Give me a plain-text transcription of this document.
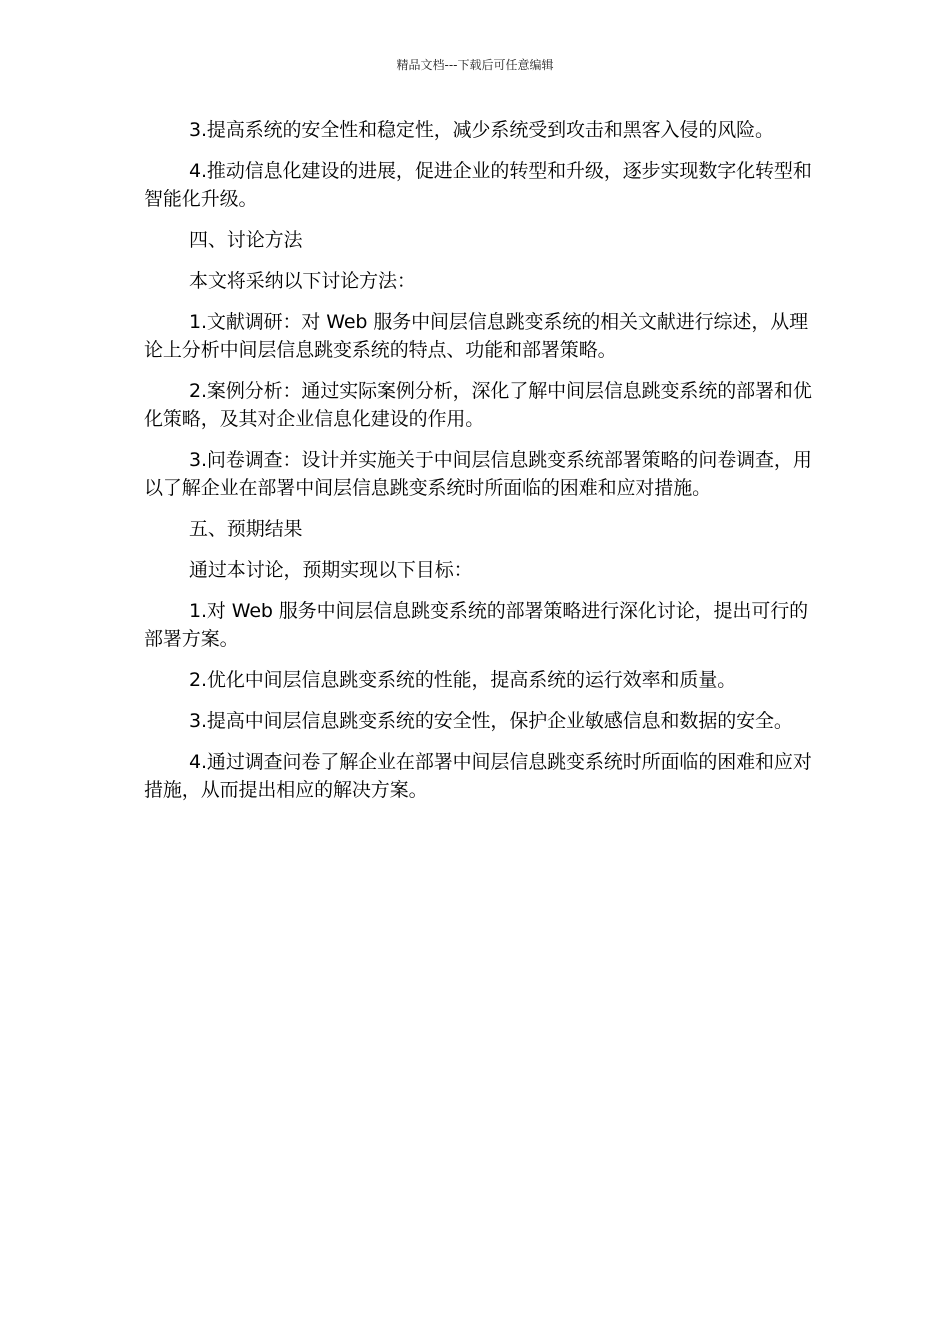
精品文档---下载后可任意编辑

3.提高系统的安全性和稳定性，减少系统受到攻击和黑客入侵的风险。

4.推动信息化建设的进展，促进企业的转型和升级，逐步实现数字化转型和智能化升级。

四、讨论方法

本文将采纳以下讨论方法：

1.文献调研：对 Web 服务中间层信息跳变系统的相关文献进行综述，从理论上分析中间层信息跳变系统的特点、功能和部署策略。

2.案例分析：通过实际案例分析，深化了解中间层信息跳变系统的部署和优化策略，及其对企业信息化建设的作用。

3.问卷调查：设计并实施关于中间层信息跳变系统部署策略的问卷调查，用以了解企业在部署中间层信息跳变系统时所面临的困难和应对措施。

五、预期结果

通过本讨论，预期实现以下目标：

1.对 Web 服务中间层信息跳变系统的部署策略进行深化讨论，提出可行的部署方案。

2.优化中间层信息跳变系统的性能，提高系统的运行效率和质量。

3.提高中间层信息跳变系统的安全性，保护企业敏感信息和数据的安全。

4.通过调查问卷了解企业在部署中间层信息跳变系统时所面临的困难和应对措施，从而提出相应的解决方案。
